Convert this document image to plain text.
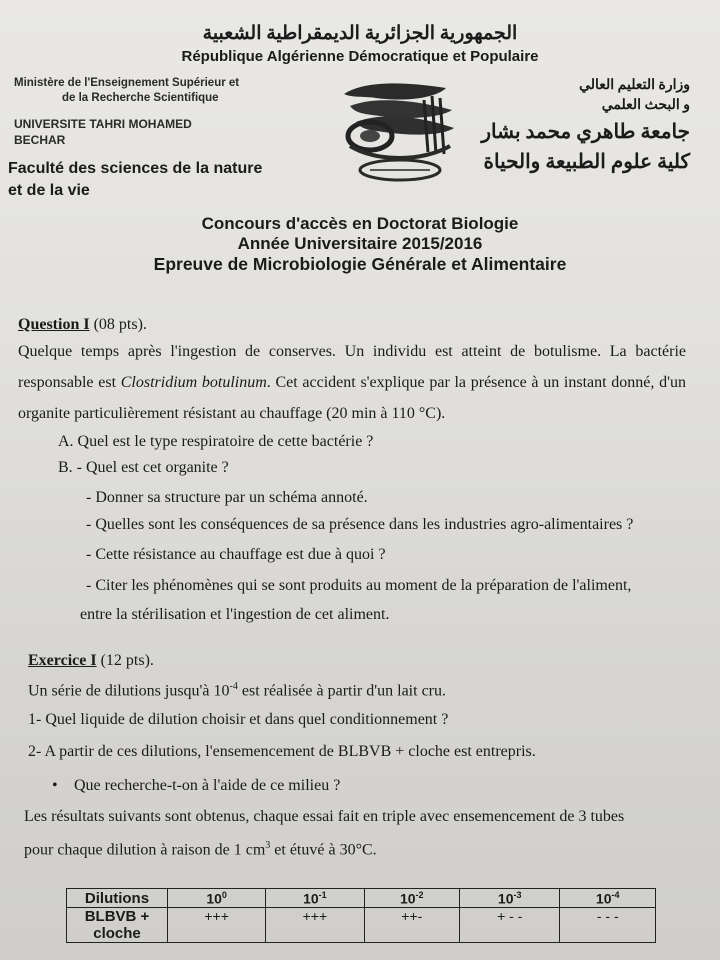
الجمهورية الجزائرية الديمقراطية الشعبية
République Algérienne Démocratique et Populaire
Ministère de l'Enseignement Supérieur et
de la Recherche Scientifique
UNIVERSITE TAHRI MOHAMED
BECHAR
Faculté des sciences de la nature
et de la vie
وزارة التعليم العالي
و البحث العلمي
جامعة طاهري محمد بشار
كلية علوم الطبيعة والحياة
Concours d'accès en Doctorat Biologie
Année Universitaire 2015/2016
Epreuve de Microbiologie Générale et Alimentaire
Question I (08 pts).
Quelque temps après l'ingestion de conserves. Un individu est atteint de botulisme. La bactérie responsable est Clostridium botulinum. Cet accident s'explique par la présence à un instant donné, d'un organite particulièrement résistant au chauffage (20 min à 110 °C).
A. Quel est le type respiratoire de cette bactérie ?
B. - Quel est cet organite ?
- Donner sa structure par un schéma annoté.
- Quelles sont les conséquences de sa présence dans les industries agro-alimentaires ?
- Cette résistance au chauffage est due à quoi ?
- Citer les phénomènes qui se sont produits au moment de la préparation de l'aliment,
entre la stérilisation et l'ingestion de cet aliment.
Exercice I (12 pts).
Un série de dilutions jusqu'à $10^{-4}$ est réalisée à partir d'un lait cru.
1- Quel liquide de dilution choisir et dans quel conditionnement ?
2- A partir de ces dilutions, l'ensemencement de BLBVB + cloche est entrepris.
• Que recherche-t-on à l'aide de ce milieu ?
Les résultats suivants sont obtenus, chaque essai fait en triple avec ensemencement de 3 tubes
pour chaque dilution à raison de 1 $cm^3$ et étuvé à 30°C.
Dilutions	$10^0$	$10^{-1}$	$10^{-2}$	$10^{-3}$	$10^{-4}$
BLBVB +
cloche	+++	+++	++-	+ - -	- - -
